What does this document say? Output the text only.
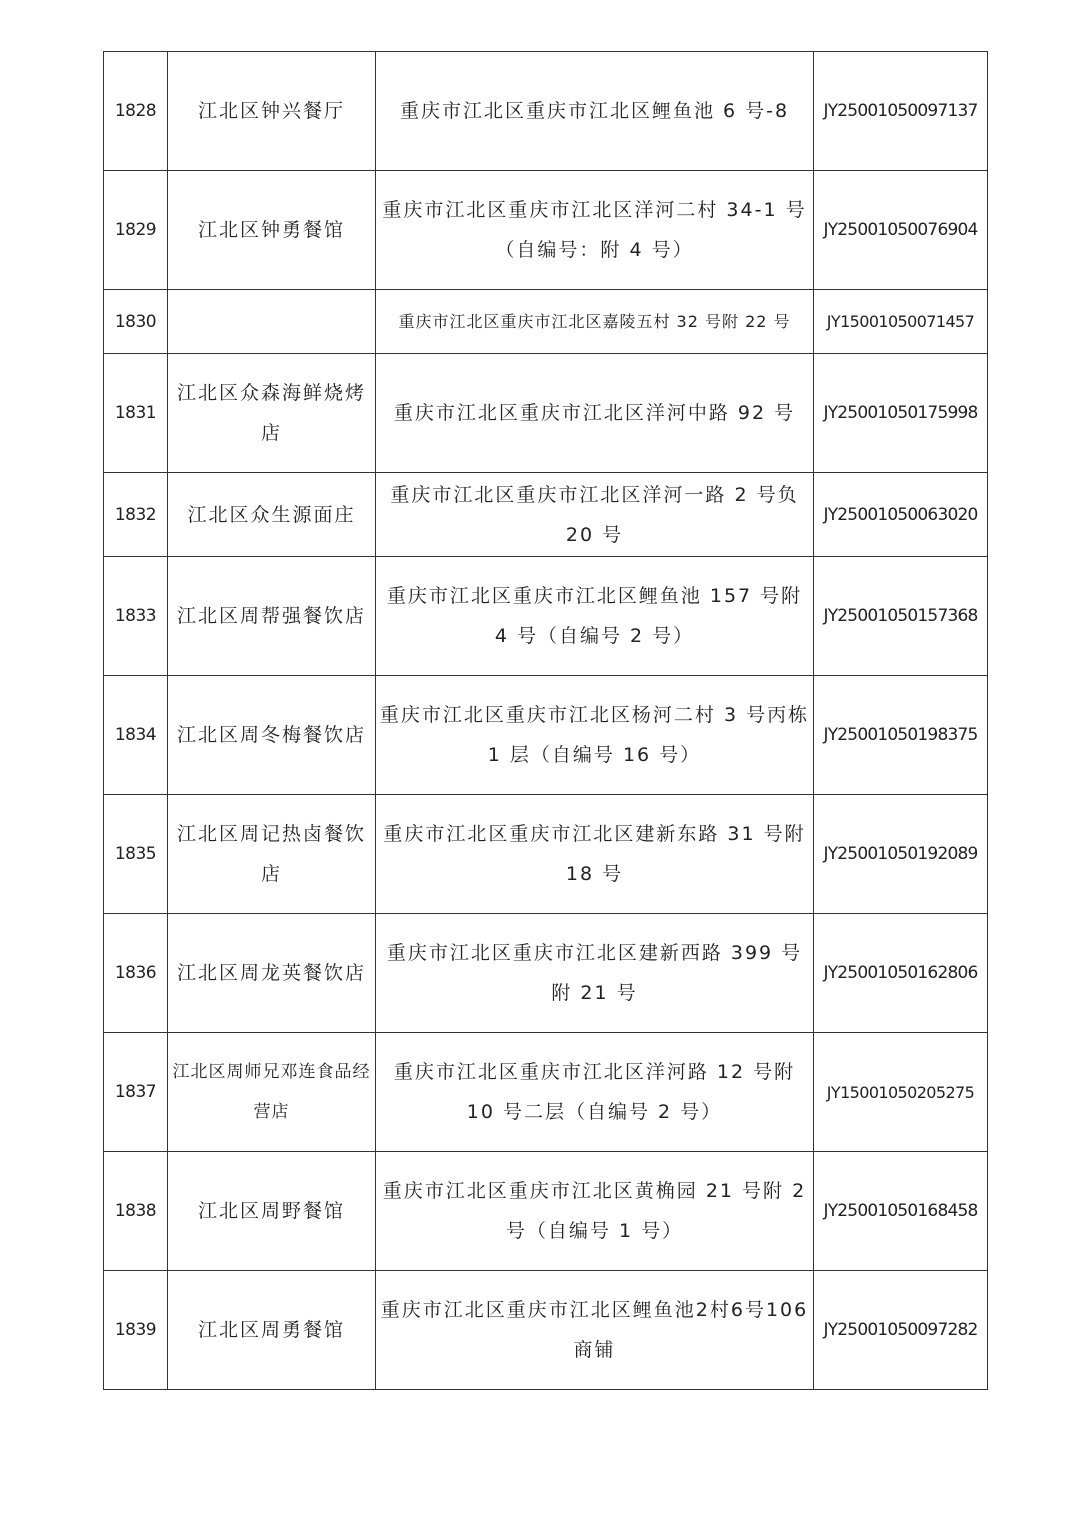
1828	江北区钟兴餐厅	重庆市江北区重庆市江北区鲤鱼池 6 号-8	JY25001050097137
1829	江北区钟勇餐馆	重庆市江北区重庆市江北区洋河二村 34-1 号（自编号：附 4 号）	JY25001050076904
1830		重庆市江北区重庆市江北区嘉陵五村 32 号附 22 号	JY15001050071457
1831	江北区众森海鲜烧烤店	重庆市江北区重庆市江北区洋河中路 92 号	JY25001050175998
1832	江北区众生源面庄	重庆市江北区重庆市江北区洋河一路 2 号负 20 号	JY25001050063020
1833	江北区周帮强餐饮店	重庆市江北区重庆市江北区鲤鱼池 157 号附 4 号（自编号 2 号）	JY25001050157368
1834	江北区周冬梅餐饮店	重庆市江北区重庆市江北区杨河二村 3 号丙栋 1 层（自编号 16 号）	JY25001050198375
1835	江北区周记热卤餐饮店	重庆市江北区重庆市江北区建新东路 31 号附 18 号	JY25001050192089
1836	江北区周龙英餐饮店	重庆市江北区重庆市江北区建新西路 399 号附 21 号	JY25001050162806
1837	江北区周师兄邓连食品经营店	重庆市江北区重庆市江北区洋河路 12 号附 10 号二层（自编号 2 号）	JY15001050205275
1838	江北区周野餐馆	重庆市江北区重庆市江北区黄桷园 21 号附 2 号（自编号 1 号）	JY25001050168458
1839	江北区周勇餐馆	重庆市江北区重庆市江北区鲤鱼池2村6号106 商铺	JY25001050097282
